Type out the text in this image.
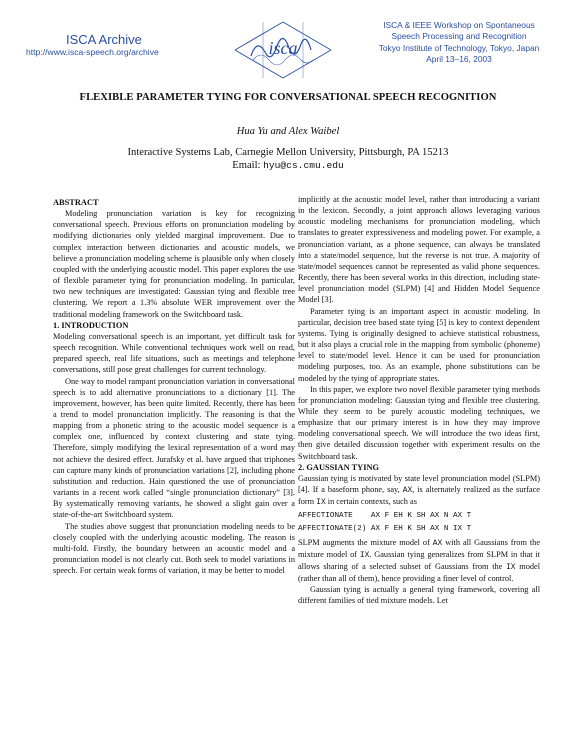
ISCA Archive
http://www.isca-speech.org/archive	isca
ISCA & IEEE Workshop on Spontaneous
Speech Processing and Recognition
Tokyo Institute of Technology, Tokyo, Japan
April 13–16, 2003
FLEXIBLE PARAMETER TYING FOR CONVERSATIONAL SPEECH RECOGNITION
Hua Yu and Alex Waibel
Interactive Systems Lab, Carnegie Mellon University, Pittsburgh, PA 15213
Email: hyu@cs.cmu.edu

ABSTRACT

Modeling pronunciation variation is key for recognizing conversational speech. Previous efforts on pronunciation modeling by modifying dictionaries only yielded marginal improvement. Due to complex interaction between dictionaries and acoustic models, we believe a pronunciation modeling scheme is plausible only when closely coupled with the underlying acoustic model. This paper explores the use of flexible parameter tying for pronunciation modeling. In particular, two new techniques are investigated: Gaussian tying and flexible tree clustering. We report a 1.3% absolute WER improvement over the traditional modeling framework on the Switchboard task.

1. INTRODUCTION

Modeling conversational speech is an important, yet difficult task for speech recognition. While conventional techniques work well on read, prepared speech, real life situations, such as meetings and telephone conversations, still pose great challenges for current technology.

One way to model rampant pronunciation variation in conversational speech is to add alternative pronunciations to a dictionary [1]. The improvement, however, has been quite limited. Recently, there has been a trend to model pronunciation implicitly. The reasoning is that the mapping from a phonetic string to the acoustic model sequence is a complex one, influenced by context clustering and state tying. Therefore, simply modifying the lexical representation of a word may not achieve the desired effect. Jurafsky et al. have argued that triphones can capture many kinds of pronunciation variations [2], including phone substitution and reduction. Hain questioned the use of pronunciation variants in a recent work called “single pronunciation dictionary” [3]. By systematically removing variants, he showed a slight gain over a state-of-the-art Switchboard system.

The studies above suggest that pronunciation modeling needs to be closely coupled with the underlying acoustic modeling. The reason is multi-fold. Firstly, the boundary between an acoustic model and a pronunciation model is not clearly cut. Both seek to model variations in speech. For certain weak forms of variation, it may be better to model

implicitly at the acoustic model level, rather than introducing a variant in the lexicon. Secondly, a joint approach allows leveraging various acoustic modeling mechanisms for pronunciation modeling, which translates to greater expressiveness and modeling power. For example, a pronunciation variant, as a phone sequence, can always be translated into a state/model sequence, but the reverse is not true. A majority of state/model sequences cannot be represented as valid phone sequences. Recently, there has been several works in this direction, including state-level pronunciation model (SLPM) [4] and Hidden Model Sequence Model [3].

Parameter tying is an important aspect in acoustic modeling. In particular, decision tree based state tying [5] is key to context dependent systems. Tying is originally designed to achieve statistical robustness, but it also plays a crucial role in the mapping from symbolic (phoneme) level to state/model level. Hence it can be used for pronunciation modeling purposes, too. As an example, phone substitutions can be modeled by the tying of appropriate states.

In this paper, we explore two novel flexible parameter tying methods for pronunciation modeling: Gaussian tying and flexible tree clustering. While they seem to be purely acoustic modeling techniques, we emphasize that our primary interest is in how they may improve modeling conversational speech. We will introduce the two ideas first, then give detailed discussion together with experiment results on the Switchboard task.

2. GAUSSIAN TYING

Gaussian tying is motivated by state level pronunciation model (SLPM) [4]. If a baseform phone, say, AX, is alternately realized as the surface form IX in certain contexts, such as

AFFECTIONATE    AX F EH K SH AX N AX T
AFFECTIONATE(2) AX F EH K SH AX N IX T

SLPM augments the mixture model of AX with all Gaussians from the mixture model of IX. Gaussian tying generalizes from SLPM in that it allows sharing of a selected subset of Gaussians from the IX model (rather than all of them), hence providing a finer level of control.

Gaussian tying is actually a general tying framework, covering all different families of tied mixture models. Let
